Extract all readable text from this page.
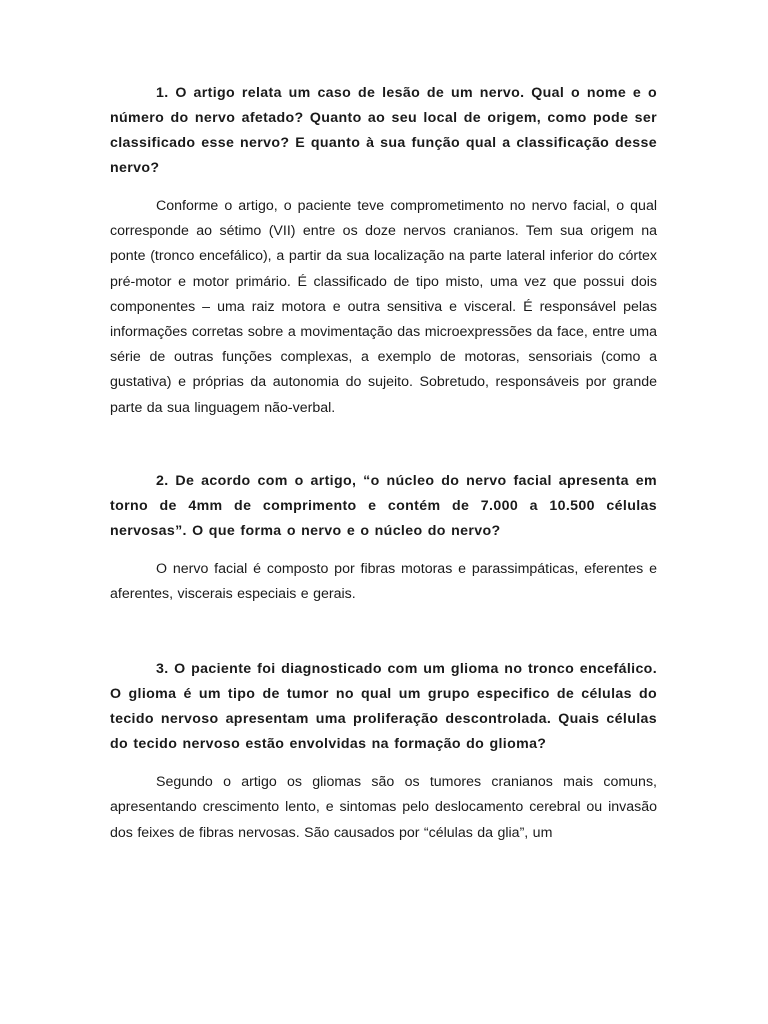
1. O artigo relata um caso de lesão de um nervo. Qual o nome e o número do nervo afetado? Quanto ao seu local de origem, como pode ser classificado esse nervo? E quanto à sua função qual a classificação desse nervo?

Conforme o artigo, o paciente teve comprometimento no nervo facial, o qual corresponde ao sétimo (VII) entre os doze nervos cranianos. Tem sua origem na ponte (tronco encefálico), a partir da sua localização na parte lateral inferior do córtex pré-motor e motor primário. É classificado de tipo misto, uma vez que possui dois componentes – uma raiz motora e outra sensitiva e visceral. É responsável pelas informações corretas sobre a movimentação das microexpressões da face, entre uma série de outras funções complexas, a exemplo de motoras, sensoriais (como a gustativa) e próprias da autonomia do sujeito. Sobretudo, responsáveis por grande parte da sua linguagem não-verbal.

2. De acordo com o artigo, “o núcleo do nervo facial apresenta em torno de 4mm de comprimento e contém de 7.000 a 10.500 células nervosas”. O que forma o nervo e o núcleo do nervo?

O nervo facial é composto por fibras motoras e parassimpáticas, eferentes e aferentes, viscerais especiais e gerais.

3. O paciente foi diagnosticado com um glioma no tronco encefálico. O glioma é um tipo de tumor no qual um grupo especifico de células do tecido nervoso apresentam uma proliferação descontrolada. Quais células do tecido nervoso estão envolvidas na formação do glioma?

Segundo o artigo os gliomas são os tumores cranianos mais comuns, apresentando crescimento lento, e sintomas pelo deslocamento cerebral ou invasão dos feixes de fibras nervosas. São causados por “células da glia”, um
